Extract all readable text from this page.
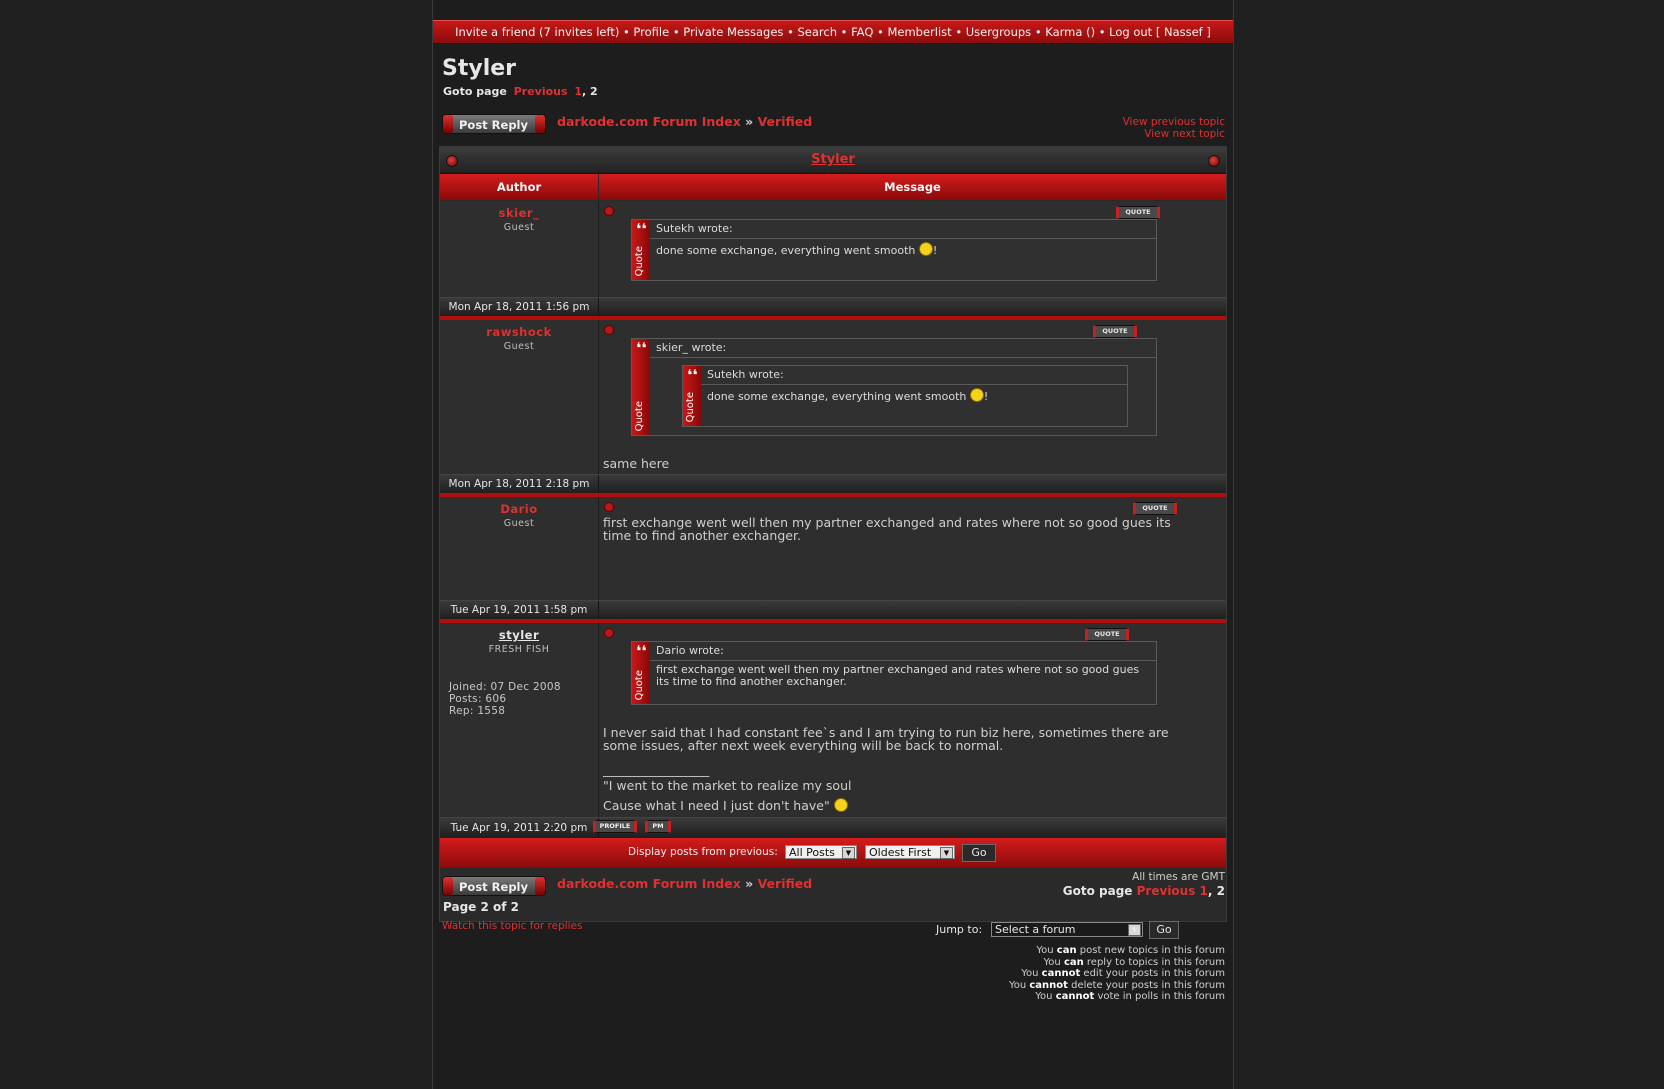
Invite a friend (7 invites left) • Profile • Private Messages • Search • FAQ • Memberlist • Usergroups • Karma () • Log out [ Nassef ]
Styler
Goto page Previous 1, 2
Post Reply	darkode.com Forum Index » Verified	View previous topic
View next topic
Styler
Author	Message
skier_
Guest
QUOTE
❛❛
Quote
Sutekh wrote:
done some exchange, everything went smooth !
Mon Apr 18, 2011 1:56 pm
rawshock
Guest
QUOTE
❛❛
Quote
skier_ wrote:
❛❛
Quote
Sutekh wrote:
done some exchange, everything went smooth !
same here
Mon Apr 18, 2011 2:18 pm
Dario
Guest
QUOTE
first exchange went well then my partner exchanged and rates where not so good gues its time to find another exchanger.
Tue Apr 19, 2011 1:58 pm
styler
FRESH FISH
Joined: 07 Dec 2008
Posts: 606
Rep: 1558
QUOTE
❛❛
Quote
Dario wrote:
first exchange went well then my partner exchanged and rates where not so good gues its time to find another exchanger.
I never said that I had constant fee`s and I am trying to run biz here, sometimes there are some issues, after next week everything will be back to normal.
_________________
"I went to the market to realize my soul
Cause what I need I just don't have"
Tue Apr 19, 2011 2:20 pm	PROFILE	PM
Display posts from previous:	All Posts	▼	Oldest First	▼	Go
Post Reply	darkode.com Forum Index » Verified	All times are GMT
Goto page Previous 1, 2
Page 2 of 2
Watch this topic for replies	Jump to:	Select a forum	▼	Go
You can post new topics in this forum
You can reply to topics in this forum
You cannot edit your posts in this forum
You cannot delete your posts in this forum
You cannot vote in polls in this forum
